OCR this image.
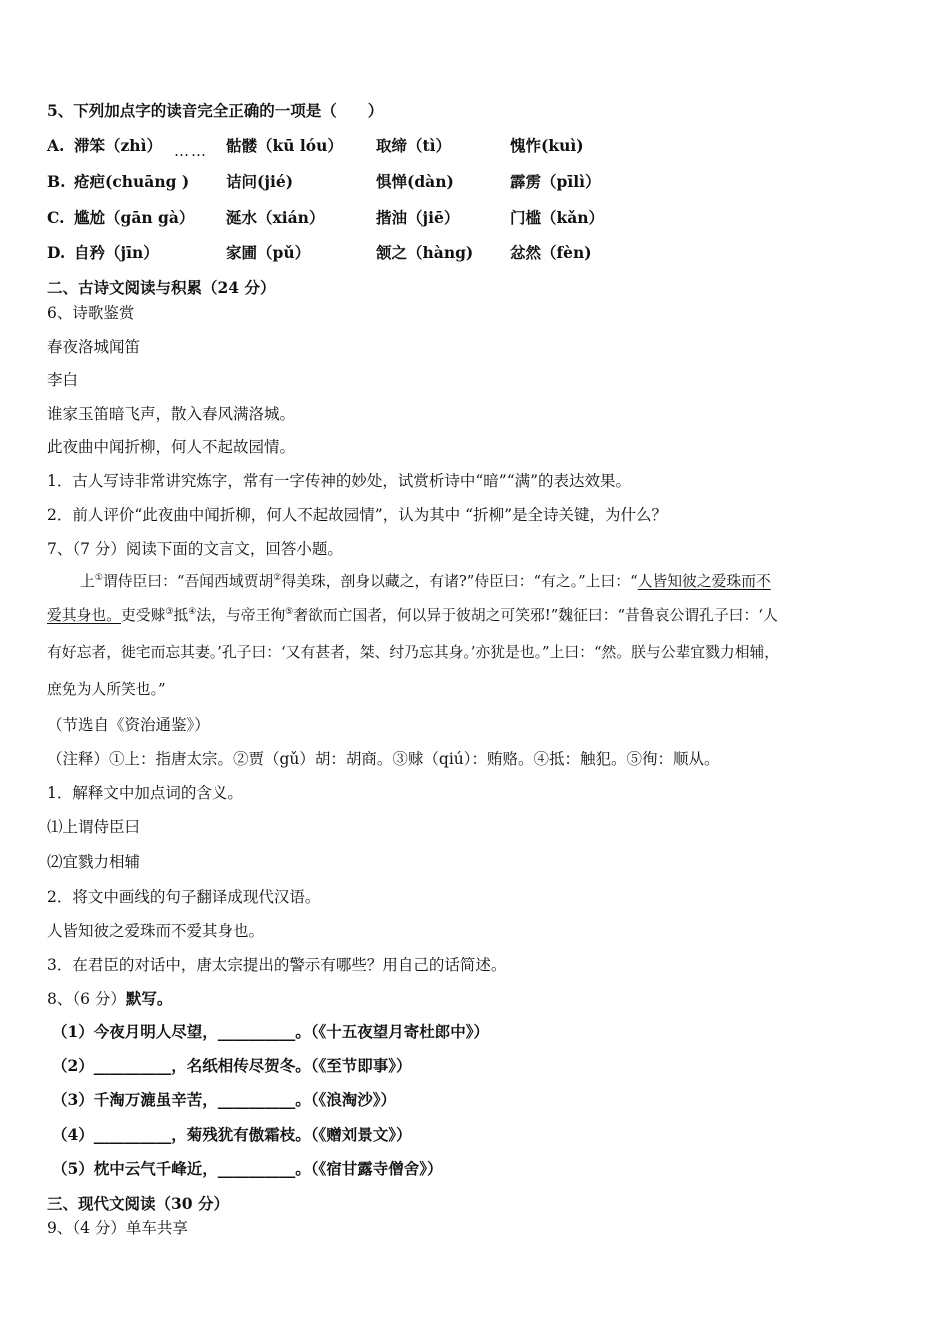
5、下列加点字的读音完全正确的一项是（　　）
A. 滞笨（zhì）	骷髅（kū lóu） 取缔（tì）	愧怍(kuì)
……
B. 疮疤(chuāng ) 诘问(jié)	惧惮(dàn)	霹雳（pīlì）
C. 尴尬（gān gà） 涎水（xián）	揩油（jiē）	门槛（kǎn）
D. 自矜（jīn）	家圃（pǔ）	颔之（hàng) 忿然（fèn)
二、古诗文阅读与积累（24 分）
6、诗歌鉴赏
春夜洛城闻笛
李白
谁家玉笛暗飞声，散入春风满洛城。
此夜曲中闻折柳，何人不起故园情。
1．古人写诗非常讲究炼字，常有一字传神的妙处，试赏析诗中“暗”“满”的表达效果。
2．前人评价“此夜曲中闻折柳，何人不起故园情”，认为其中 “折柳”是全诗关键，为什么？
7、（7 分）阅读下面的文言文，回答小题。
上①谓侍臣曰：“吾闻西域贾胡②得美珠，剖身以藏之，有诸?”侍臣曰：“有之。”上曰：“人皆知彼之爱珠而不
爱其身也。吏受赇③抵④法，与帝王徇⑤奢欲而亡国者，何以异于彼胡之可笑邪!”魏征曰：“昔鲁哀公谓孔子曰：‘人
有好忘者，徙宅而忘其妻。’孔子曰：‘又有甚者，桀、纣乃忘其身。’亦犹是也。”上曰：“然。朕与公辈宜戮力相辅，
庶免为人所笑也。”
（节选自《资治通鉴》）
（注释）①上：指唐太宗。②贾（gǔ）胡：胡商。③赇（qiú）：贿赂。④抵：触犯。⑤徇：顺从。
1．解释文中加点词的含义。
⑴上谓侍臣曰
⑵宜戮力相辅
2．将文中画线的句子翻译成现代汉语。
人皆知彼之爱珠而不爱其身也。
3．在君臣的对话中，唐太宗提出的警示有哪些？用自己的话简述。
8、（6 分）默写。
（1）今夜月明人尽望，__________。（《十五夜望月寄杜郎中》）
（2）__________，名纸相传尽贺冬。（《至节即事》）
（3）千淘万漉虽辛苦，__________。（《浪淘沙》）
（4）__________，菊残犹有傲霜枝。（《赠刘景文》）
（5）枕中云气千峰近，__________。（《宿甘露寺僧舍》）
三、现代文阅读（30 分）
9、（4 分）单车共享
